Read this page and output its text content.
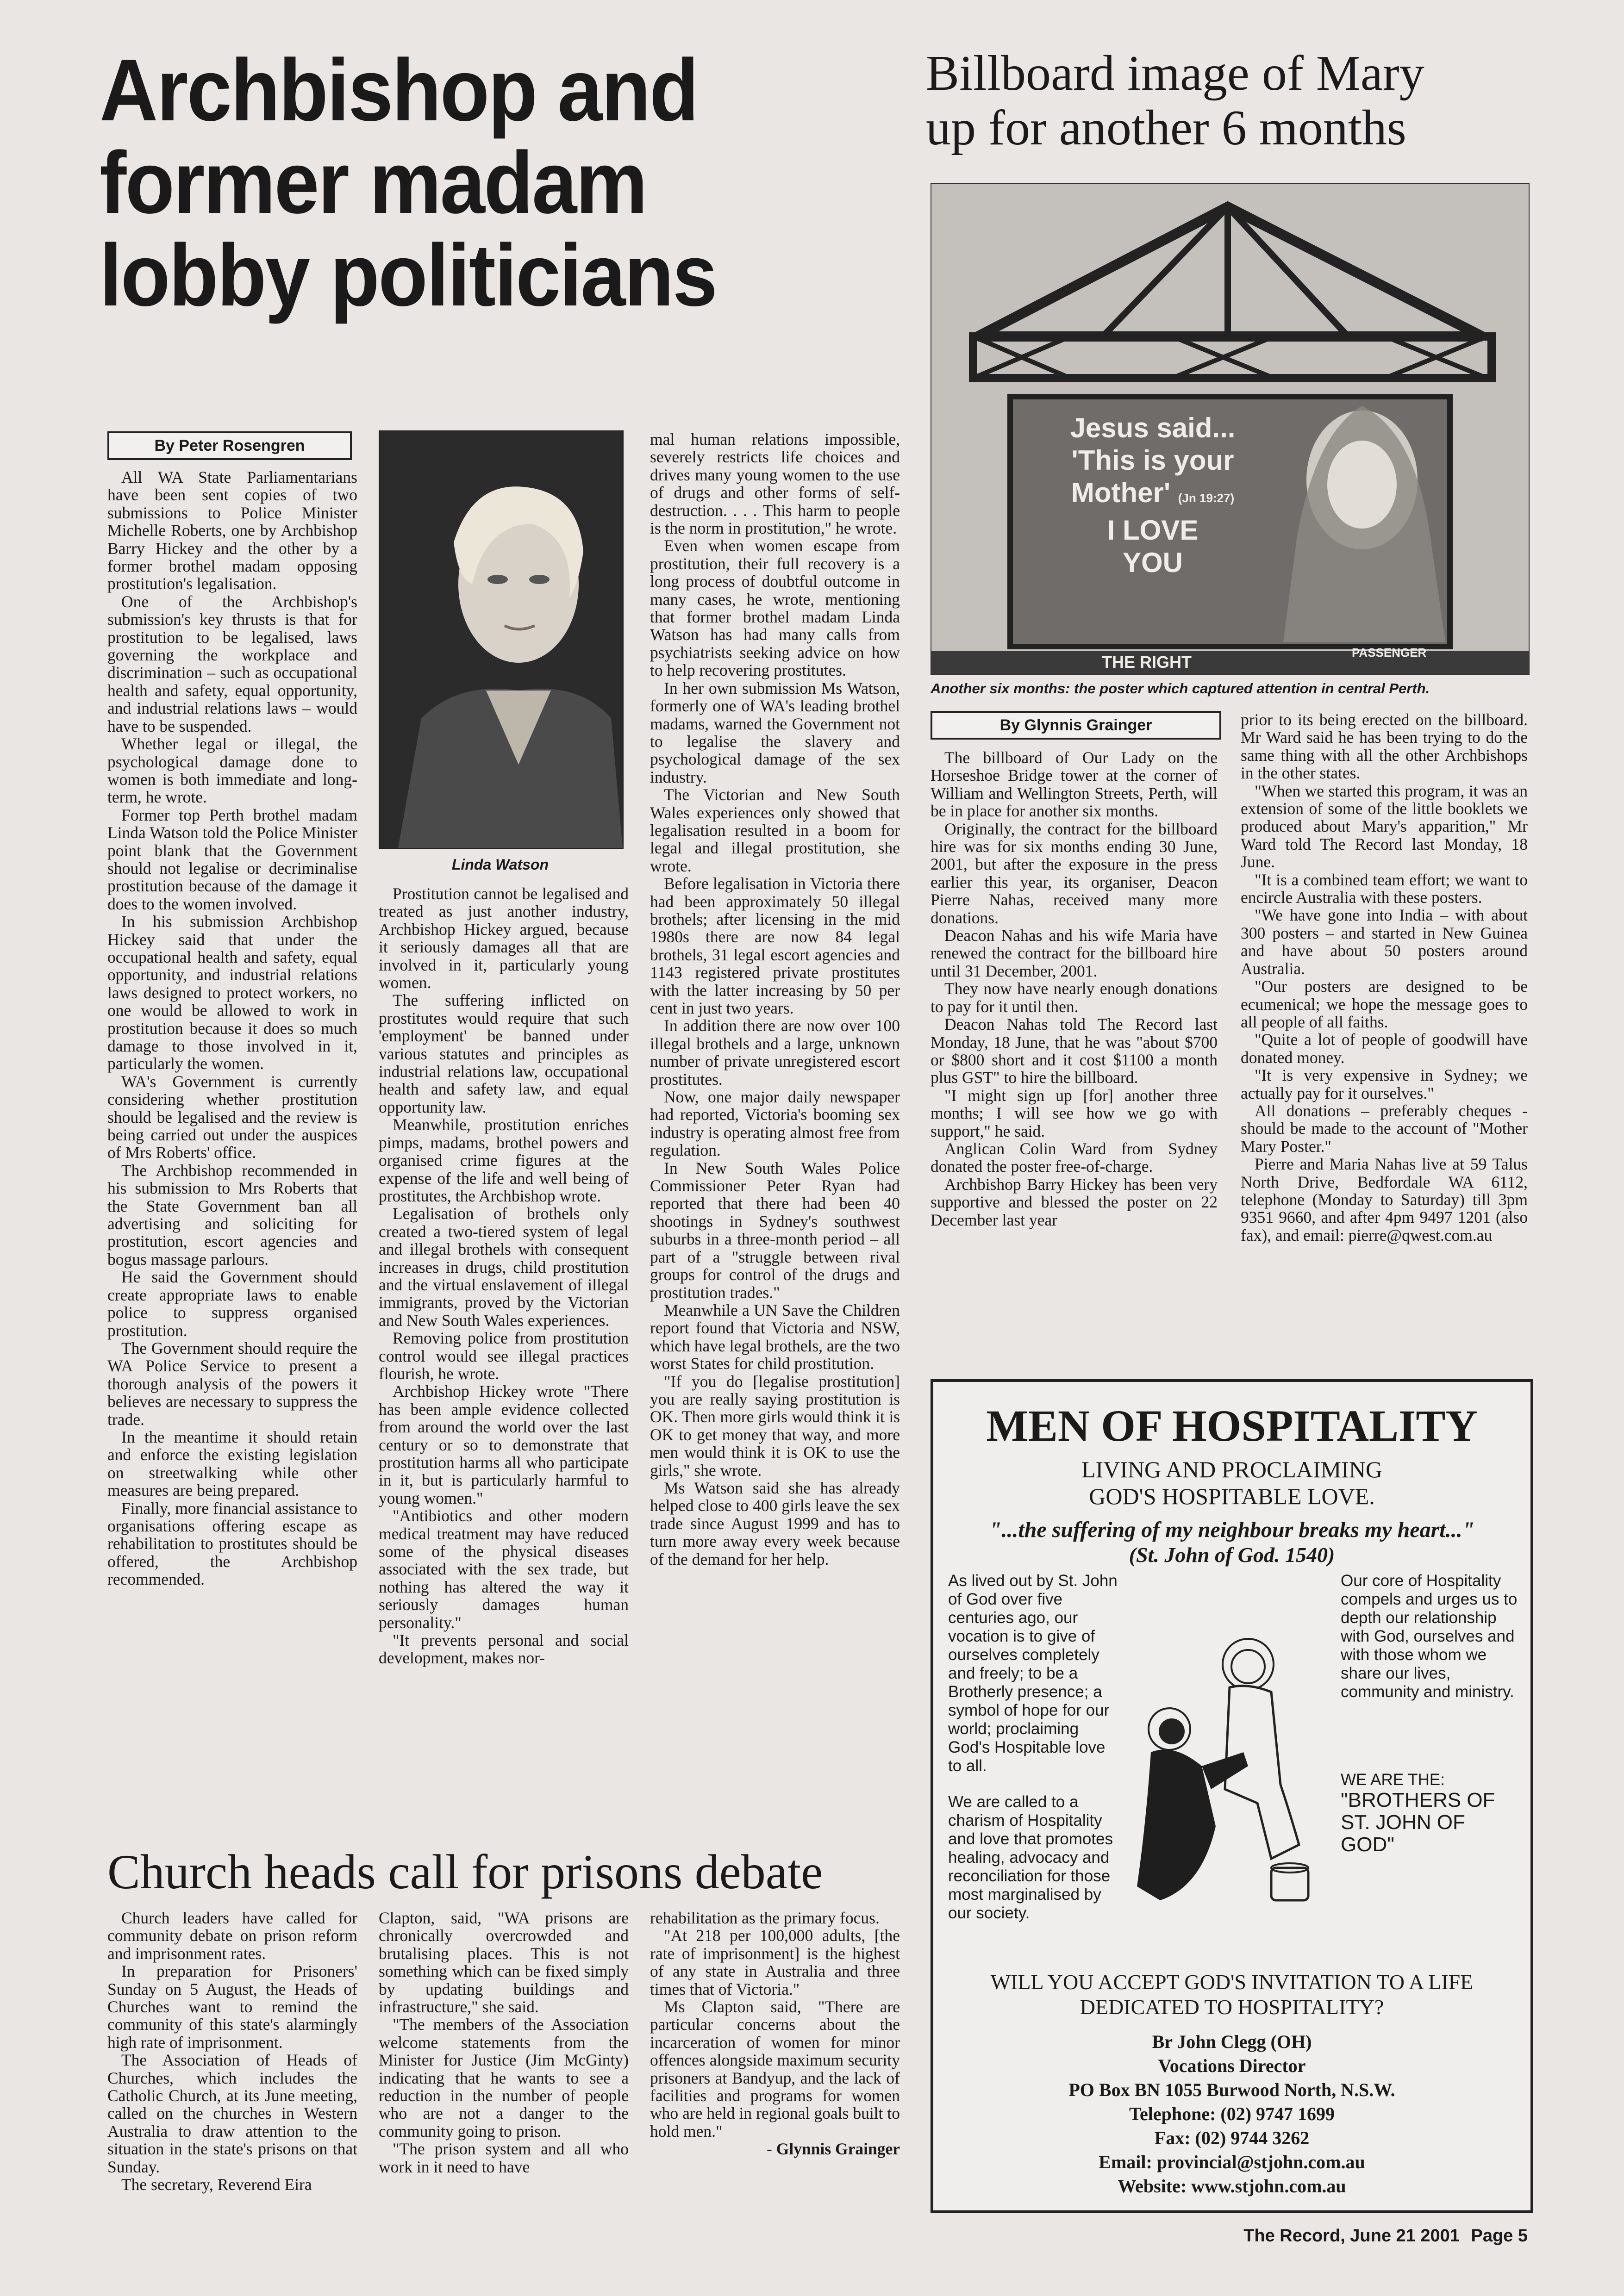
Archbishop and
former madam
lobby politicians
By Peter Rosengren
Linda Watson

All WA State Parliamentarians have been sent copies of two submissions to Police Minister Michelle Roberts, one by Archbishop Barry Hickey and the other by a former brothel madam opposing prostitution's legalisation.

One of the Archbishop's submission's key thrusts is that for prostitution to be legalised, laws governing the workplace and discrimination – such as occupational health and safety, equal opportunity, and industrial relations laws – would have to be suspended.

Whether legal or illegal, the psychological damage done to women is both immediate and long-term, he wrote.

Former top Perth brothel madam Linda Watson told the Police Minister point blank that the Government should not legalise or decriminalise prostitution because of the damage it does to the women involved.

In his submission Archbishop Hickey said that under the occupational health and safety, equal opportunity, and industrial relations laws designed to protect workers, no one would be allowed to work in prostitution because it does so much damage to those involved in it, particularly the women.

WA's Government is currently considering whether prostitution should be legalised and the review is being carried out under the auspices of Mrs Roberts' office.

The Archbishop recommended in his submission to Mrs Roberts that the State Government ban all advertising and soliciting for prostitution, escort agencies and bogus massage parlours.

He said the Government should create appropriate laws to enable police to suppress organised prostitution.

The Government should require the WA Police Service to present a thorough analysis of the powers it believes are necessary to suppress the trade.

In the meantime it should retain and enforce the existing legislation on streetwalking while other measures are being prepared.

Finally, more financial assistance to organisations offering escape as rehabilitation to prostitutes should be offered, the Archbishop recommended.

Prostitution cannot be legalised and treated as just another industry, Archbishop Hickey argued, because it seriously damages all that are involved in it, particularly young women.

The suffering inflicted on prostitutes would require that such 'employment' be banned under various statutes and principles as industrial relations law, occupational health and safety law, and equal opportunity law.

Meanwhile, prostitution enriches pimps, madams, brothel powers and organised crime figures at the expense of the life and well being of prostitutes, the Archbishop wrote.

Legalisation of brothels only created a two-tiered system of legal and illegal brothels with consequent increases in drugs, child prostitution and the virtual enslavement of illegal immigrants, proved by the Victorian and New South Wales experiences.

Removing police from prostitution control would see illegal practices flourish, he wrote.

Archbishop Hickey wrote "There has been ample evidence collected from around the world over the last century or so to demonstrate that prostitution harms all who participate in it, but is particularly harmful to young women."

"Antibiotics and other modern medical treatment may have reduced some of the physical diseases associated with the sex trade, but nothing has altered the way it seriously damages human personality."

"It prevents personal and social development, makes nor-

mal human relations impossible, severely restricts life choices and drives many young women to the use of drugs and other forms of self-destruction. . . . This harm to people is the norm in prostitution," he wrote.

Even when women escape from prostitution, their full recovery is a long process of doubtful outcome in many cases, he wrote, mentioning that former brothel madam Linda Watson has had many calls from psychiatrists seeking advice on how to help recovering prostitutes.

In her own submission Ms Watson, formerly one of WA's leading brothel madams, warned the Government not to legalise the slavery and psychological damage of the sex industry.

The Victorian and New South Wales experiences only showed that legalisation resulted in a boom for legal and illegal prostitution, she wrote.

Before legalisation in Victoria there had been approximately 50 illegal brothels; after licensing in the mid 1980s there are now 84 legal brothels, 31 legal escort agencies and 1143 registered private prostitutes with the latter increasing by 50 per cent in just two years.

In addition there are now over 100 illegal brothels and a large, unknown number of private unregistered escort prostitutes.

Now, one major daily newspaper had reported, Victoria's booming sex industry is operating almost free from regulation.

In New South Wales Police Commissioner Peter Ryan had reported that there had been 40 shootings in Sydney's southwest suburbs in a three-month period – all part of a "struggle between rival groups for control of the drugs and prostitution trades."

Meanwhile a UN Save the Children report found that Victoria and NSW, which have legal brothels, are the two worst States for child prostitution.

"If you do [legalise prostitution] you are really saying prostitution is OK. Then more girls would think it is OK to get money that way, and more men would think it is OK to use the girls," she wrote.

Ms Watson said she has already helped close to 400 girls leave the sex trade since August 1999 and has to turn more away every week because of the demand for her help.

Billboard image of Mary
up for another 6 months
Jesus said...
'This is your
Mother' (Jn 19:27)
I LOVE
YOU
THE RIGHT	PASSENGER
Another six months: the poster which captured attention in central Perth.
By Glynnis Grainger

The billboard of Our Lady on the Horseshoe Bridge tower at the corner of William and Wellington Streets, Perth, will be in place for another six months.

Originally, the contract for the billboard hire was for six months ending 30 June, 2001, but after the exposure in the press earlier this year, its organiser, Deacon Pierre Nahas, received many more donations.

Deacon Nahas and his wife Maria have renewed the contract for the billboard hire until 31 December, 2001.

They now have nearly enough donations to pay for it until then.

Deacon Nahas told The Record last Monday, 18 June, that he was "about $700 or $800 short and it cost $1100 a month plus GST" to hire the billboard.

"I might sign up [for] another three months; I will see how we go with support," he said.

Anglican Colin Ward from Sydney donated the poster free-of-charge.

Archbishop Barry Hickey has been very supportive and blessed the poster on 22 December last year

prior to its being erected on the billboard. Mr Ward said he has been trying to do the same thing with all the other Archbishops in the other states.

"When we started this program, it was an extension of some of the little booklets we produced about Mary's apparition," Mr Ward told The Record last Monday, 18 June.

"It is a combined team effort; we want to encircle Australia with these posters.

"We have gone into India – with about 300 posters – and started in New Guinea and have about 50 posters around Australia.

"Our posters are designed to be ecumenical; we hope the message goes to all people of all faiths.

"Quite a lot of people of goodwill have donated money.

"It is very expensive in Sydney; we actually pay for it ourselves."

All donations – preferably cheques - should be made to the account of "Mother Mary Poster."

Pierre and Maria Nahas live at 59 Talus North Drive, Bedfordale WA 6112, telephone (Monday to Saturday) till 3pm 9351 9660, and after 4pm 9497 1201 (also fax), and email: pierre@qwest.com.au

Church heads call for prisons debate

Church leaders have called for community debate on prison reform and imprisonment rates.

In preparation for Prisoners' Sunday on 5 August, the Heads of Churches want to remind the community of this state's alarmingly high rate of imprisonment.

The Association of Heads of Churches, which includes the Catholic Church, at its June meeting, called on the churches in Western Australia to draw attention to the situation in the state's prisons on that Sunday.

The secretary, Reverend Eira

Clapton, said, "WA prisons are chronically overcrowded and brutalising places. This is not something which can be fixed simply by updating buildings and infrastructure," she said.

"The members of the Association welcome statements from the Minister for Justice (Jim McGinty) indicating that he wants to see a reduction in the number of people who are not a danger to the community going to prison.

"The prison system and all who work in it need to have

rehabilitation as the primary focus.

"At 218 per 100,000 adults, [the rate of imprisonment] is the highest of any state in Australia and three times that of Victoria."

Ms Clapton said, "There are particular concerns about the incarceration of women for minor offences alongside maximum security prisoners at Bandyup, and the lack of facilities and programs for women who are held in regional goals built to hold men."

- Glynnis Grainger

MEN OF HOSPITALITY
LIVING AND PROCLAIMING
GOD'S HOSPITABLE LOVE.
"...the suffering of my neighbour breaks my heart..."
(St. John of God. 1540)
As lived out by St. John of God over five centuries ago, our vocation is to give of ourselves completely and freely; to be a Brotherly presence; a symbol of hope for our world; proclaiming God's Hospitable love to all.
We are called to a charism of Hospitality and love that promotes healing, advocacy and reconciliation for those most marginalised by our society.
Our core of Hospitality compels and urges us to depth our relationship with God, ourselves and with those whom we share our lives, community and ministry.
WE ARE THE:
"BROTHERS OF ST. JOHN OF GOD"
WILL YOU ACCEPT GOD'S INVITATION TO A LIFE
DEDICATED TO HOSPITALITY?
Br John Clegg (OH)
Vocations Director
PO Box BN 1055 Burwood North, N.S.W.
Telephone: (02) 9747 1699
Fax: (02) 9744 3262
Email: provincial@stjohn.com.au
Website: www.stjohn.com.au
The Record, June 21 2001 Page 5
